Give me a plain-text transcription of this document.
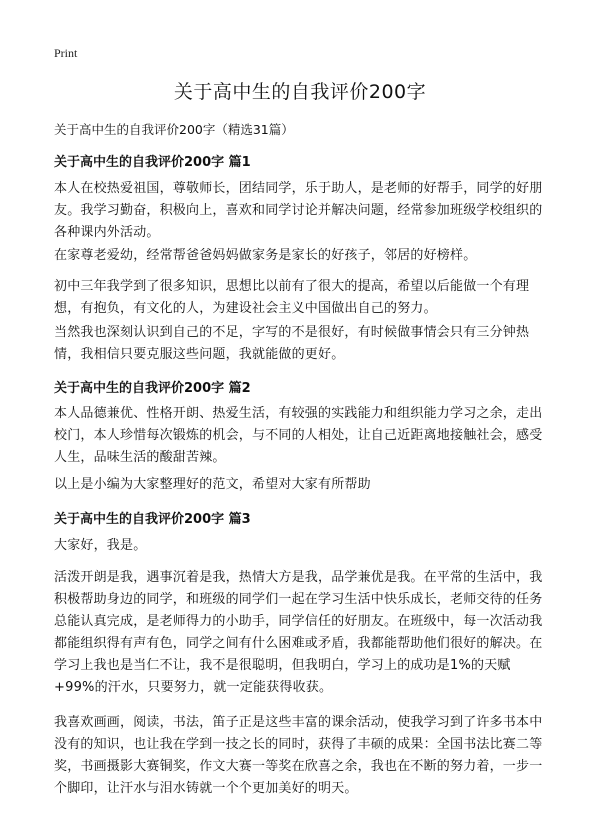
Print
关于高中生的自我评价200字
关于高中生的自我评价200字（精选31篇）
关于高中生的自我评价200字 篇1

本人在校热爱祖国，尊敬师长，团结同学，乐于助人，是老师的好帮手，同学的好朋友。我学习勤奋，积极向上，喜欢和同学讨论并解决问题，经常参加班级学校组织的各种课内外活动。

在家尊老爱幼，经常帮爸爸妈妈做家务是家长的好孩子，邻居的好榜样。

初中三年我学到了很多知识，思想比以前有了很大的提高，希望以后能做一个有理想，有抱负，有文化的人，为建设社会主义中国做出自己的努力。

当然我也深刻认识到自己的不足，字写的不是很好，有时候做事情会只有三分钟热情，我相信只要克服这些问题，我就能做的更好。

关于高中生的自我评价200字 篇2

本人品德兼优、性格开朗、热爱生活，有较强的实践能力和组织能力学习之余，走出校门，本人珍惜每次锻炼的机会，与不同的人相处，让自己近距离地接触社会，感受人生，品味生活的酸甜苦辣。

以上是小编为大家整理好的范文，希望对大家有所帮助

关于高中生的自我评价200字 篇3

大家好，我是。

活泼开朗是我，遇事沉着是我，热情大方是我，品学兼优是我。在平常的生活中，我积极帮助身边的同学，和班级的同学们一起在学习生活中快乐成长，老师交待的任务总能认真完成，是老师得力的小助手，同学信任的好朋友。在班级中，每一次活动我都能组织得有声有色，同学之间有什么困难或矛盾，我都能帮助他们很好的解决。在学习上我也是当仁不让，我不是很聪明，但我明白，学习上的成功是1%的天赋+99%的汗水，只要努力，就一定能获得收获。

我喜欢画画，阅读，书法，笛子正是这些丰富的课余活动，使我学习到了许多书本中没有的知识，也让我在学到一技之长的同时，获得了丰硕的成果：全国书法比赛二等奖，书画摄影大赛铜奖，作文大赛一等奖在欣喜之余，我也在不断的努力着，一步一个脚印，让汗水与泪水铸就一个个更加美好的明天。
